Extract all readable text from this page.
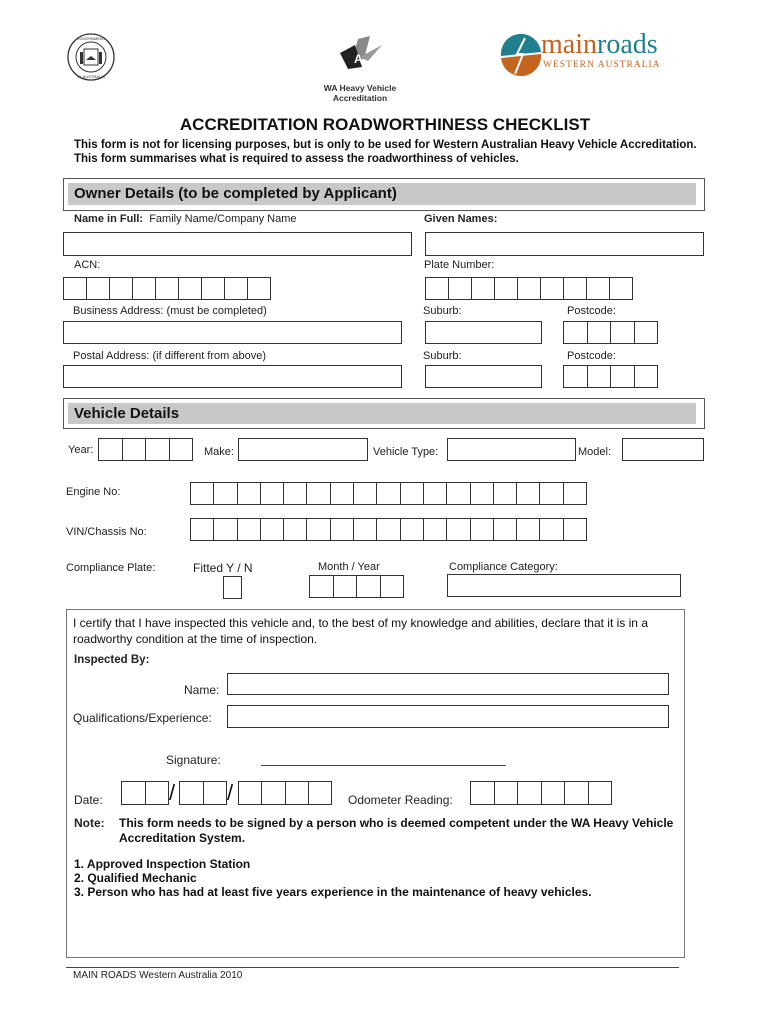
GOVERNMENT
W. AUSTRALIA
A
WA Heavy Vehicle
Accreditation
mainroads
WESTERN AUSTRALIA
ACCREDITATION ROADWORTHINESS CHECKLIST
This form is not for licensing purposes, but is only to be used for Western Australian Heavy Vehicle Accreditation. This form summarises what is required to assess the roadworthiness of vehicles.
Owner Details (to be completed by Applicant)
Name in Full: Family Name/Company Name	Given Names:
ACN:	Plate Number:
Business Address: (must be completed)	Suburb:	Postcode:
Postal Address: (if different from above)	Suburb:	Postcode:
Vehicle Details
Year:	Make:	Vehicle Type:	Model:
Engine No:
VIN/Chassis No:
Compliance Plate:	Fitted Y / N	Month / Year	Compliance Category:
I certify that I have inspected this vehicle and, to the best of my knowledge and abilities, declare that it is in a roadworthy condition at the time of inspection.
Inspected By:
Name:
Qualifications/Experience:
Signature:
Date:	/ /	Odometer Reading:
Note: This form needs to be signed by a person who is deemed competent under the WA Heavy Vehicle Accreditation System.
1. Approved Inspection Station
2. Qualified Mechanic
3. Person who has had at least five years experience in the maintenance of heavy vehicles.
MAIN ROADS Western Australia 2010
